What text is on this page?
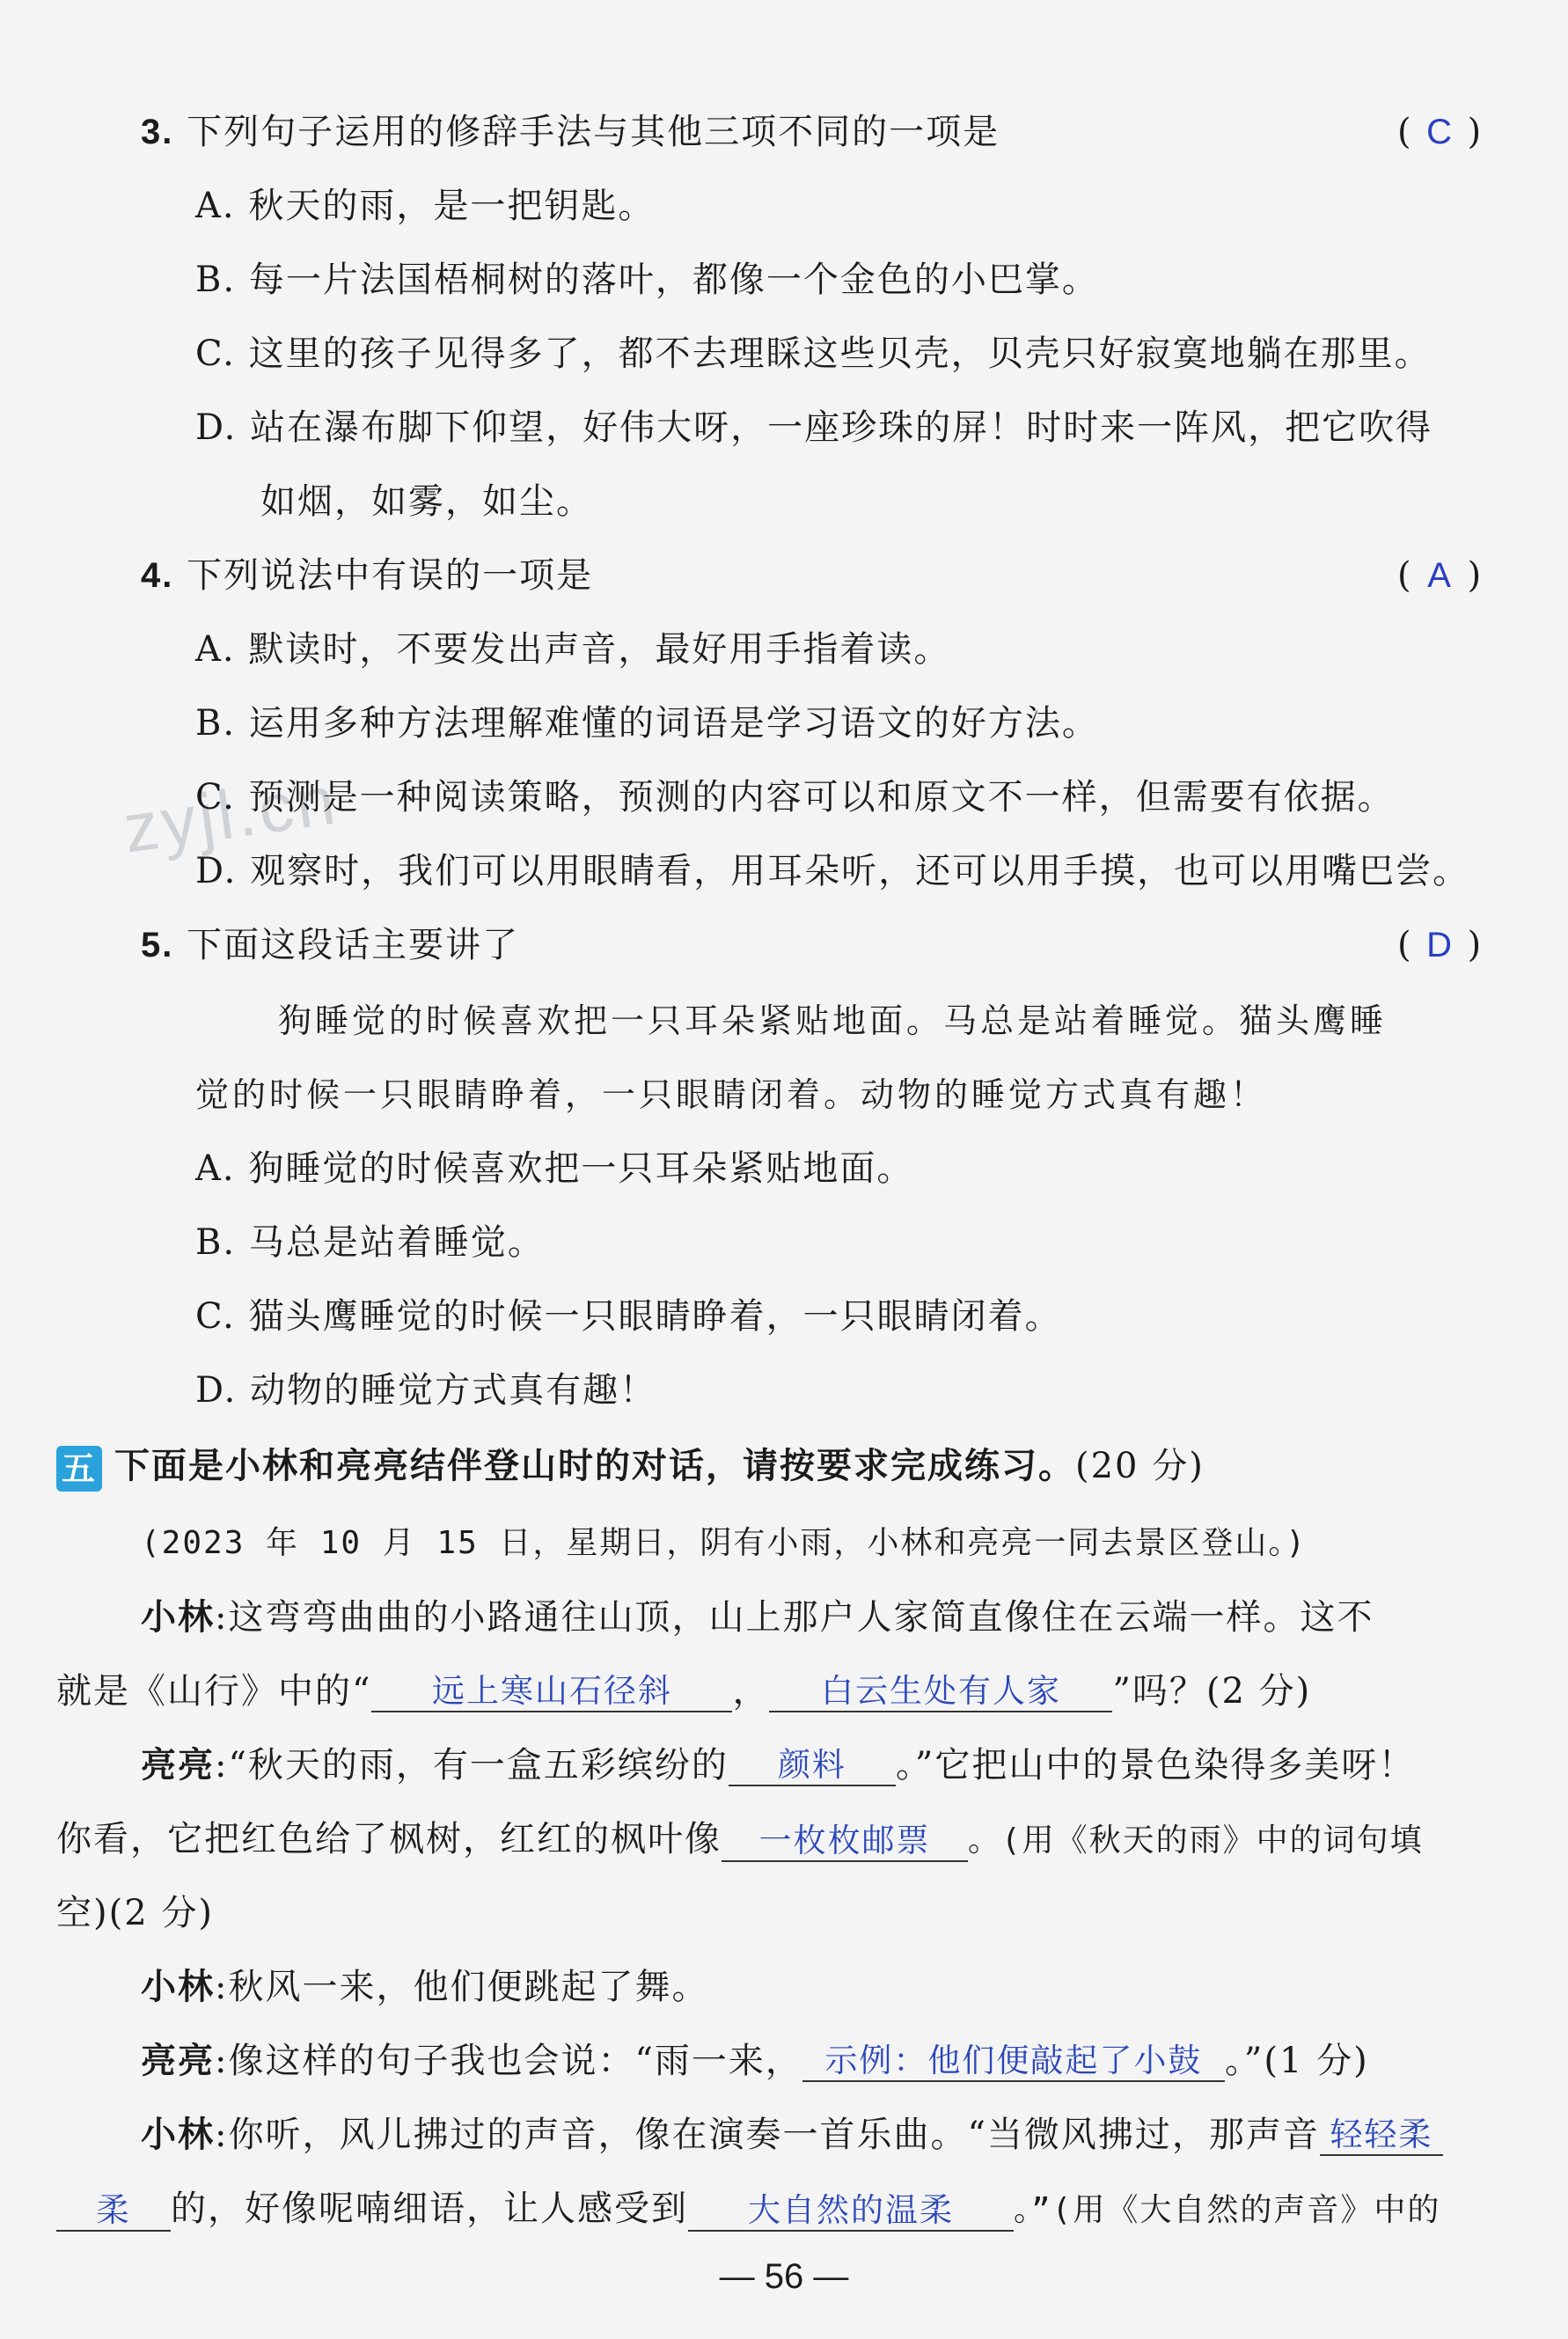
zyjl.cn
3. 下列句子运用的修辞手法与其他三项不同的一项是	( C )
A. 秋天的雨，是一把钥匙。
B. 每一片法国梧桐树的落叶，都像一个金色的小巴掌。
C. 这里的孩子见得多了，都不去理睬这些贝壳，贝壳只好寂寞地躺在那里。
D. 站在瀑布脚下仰望，好伟大呀，一座珍珠的屏！时时来一阵风，把它吹得
如烟，如雾，如尘。
4. 下列说法中有误的一项是	( A )
A. 默读时，不要发出声音，最好用手指着读。
B. 运用多种方法理解难懂的词语是学习语文的好方法。
C. 预测是一种阅读策略，预测的内容可以和原文不一样，但需要有依据。
D. 观察时，我们可以用眼睛看，用耳朵听，还可以用手摸，也可以用嘴巴尝。
5. 下面这段话主要讲了	( D )
狗睡觉的时候喜欢把一只耳朵紧贴地面。马总是站着睡觉。猫头鹰睡
觉的时候一只眼睛睁着，一只眼睛闭着。动物的睡觉方式真有趣！
A. 狗睡觉的时候喜欢把一只耳朵紧贴地面。
B. 马总是站着睡觉。
C. 猫头鹰睡觉的时候一只眼睛睁着，一只眼睛闭着。
D. 动物的睡觉方式真有趣！
五 下面是小林和亮亮结伴登山时的对话，请按要求完成练习。(20 分)
(2023 年 10 月 15 日，星期日，阴有小雨，小林和亮亮一同去景区登山。)
小林:这弯弯曲曲的小路通往山顶，山上那户人家简直像住在云端一样。这不
就是《山行》中的“ 远上寒山石径斜 ， 白云生处有人家 ”吗？(2 分)
亮亮:“秋天的雨，有一盒五彩缤纷的 颜料 。”它把山中的景色染得多美呀！
你看，它把红色给了枫树，红红的枫叶像 一枚枚邮票 。(用《秋天的雨》中的词句填
空)(2 分)
小林:秋风一来，他们便跳起了舞。
亮亮:像这样的句子我也会说：“雨一来， 示例：他们便敲起了小鼓 。”(1 分)
小林:你听，风儿拂过的声音，像在演奏一首乐曲。“当微风拂过，那声音 轻轻柔
柔 的，好像呢喃细语，让人感受到 大自然的温柔 。”(用《大自然的声音》中的
— 56 —
